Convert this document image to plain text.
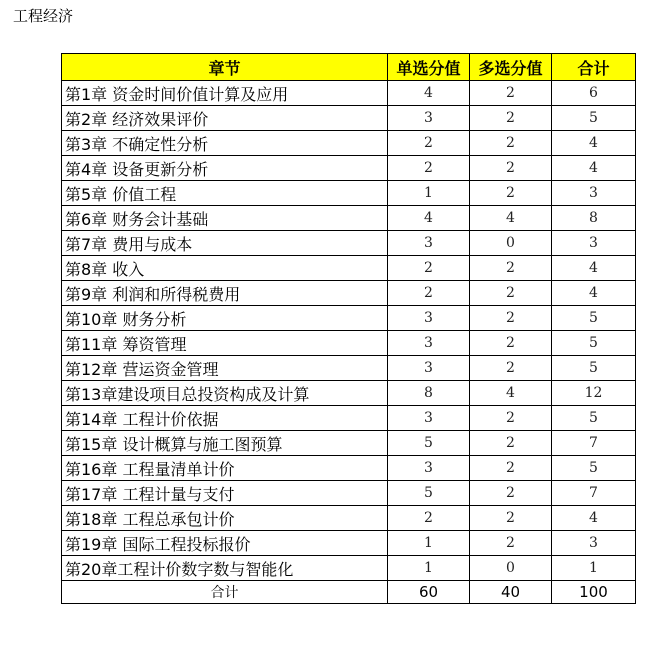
工程经济
章节	单选分值	多选分值	合计
第1章 资金时间价值计算及应用	4	2	6
第2章 经济效果评价	3	2	5
第3章 不确定性分析	2	2	4
第4章 设备更新分析	2	2	4
第5章 价值工程	1	2	3
第6章 财务会计基础	4	4	8
第7章 费用与成本	3	0	3
第8章 收入	2	2	4
第9章 利润和所得税费用	2	2	4
第10章 财务分析	3	2	5
第11章 筹资管理	3	2	5
第12章 营运资金管理	3	2	5
第13章建设项目总投资构成及计算	8	4	12
第14章 工程计价依据	3	2	5
第15章 设计概算与施工图预算	5	2	7
第16章 工程量清单计价	3	2	5
第17章 工程计量与支付	5	2	7
第18章 工程总承包计价	2	2	4
第19章 国际工程投标报价	1	2	3
第20章工程计价数字数与智能化	1	0	1
合计	60	40	100
